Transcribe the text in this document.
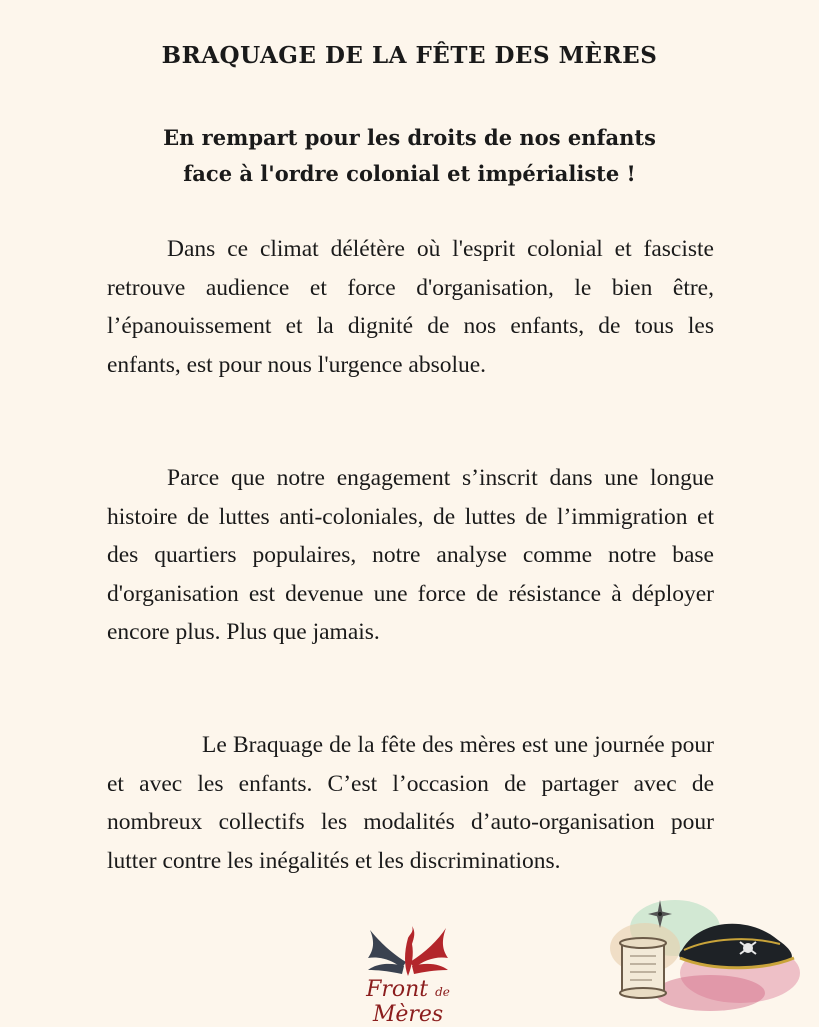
BRAQUAGE DE LA FÊTE DES MÈRES
En rempart pour les droits de nos enfants
face à l'ordre colonial et impérialiste !

Dans ce climat délétère où l'esprit colonial et fasciste retrouve audience et force d'organisation, le bien être, l’épanouissement et la dignité de nos enfants, de tous les enfants, est pour nous l'urgence absolue.

Parce que notre engagement s’inscrit dans une longue histoire de luttes anti-coloniales, de luttes de l’immigration et des quartiers populaires, notre analyse comme notre base d'organisation est devenue une force de résistance à déployer encore plus. Plus que jamais.

Le Braquage de la fête des mères est une journée pour et avec les enfants. C’est l’occasion de partager avec de nombreux collectifs les modalités d’auto-organisation pour lutter contre les inégalités et les discriminations.

Front de Mères
